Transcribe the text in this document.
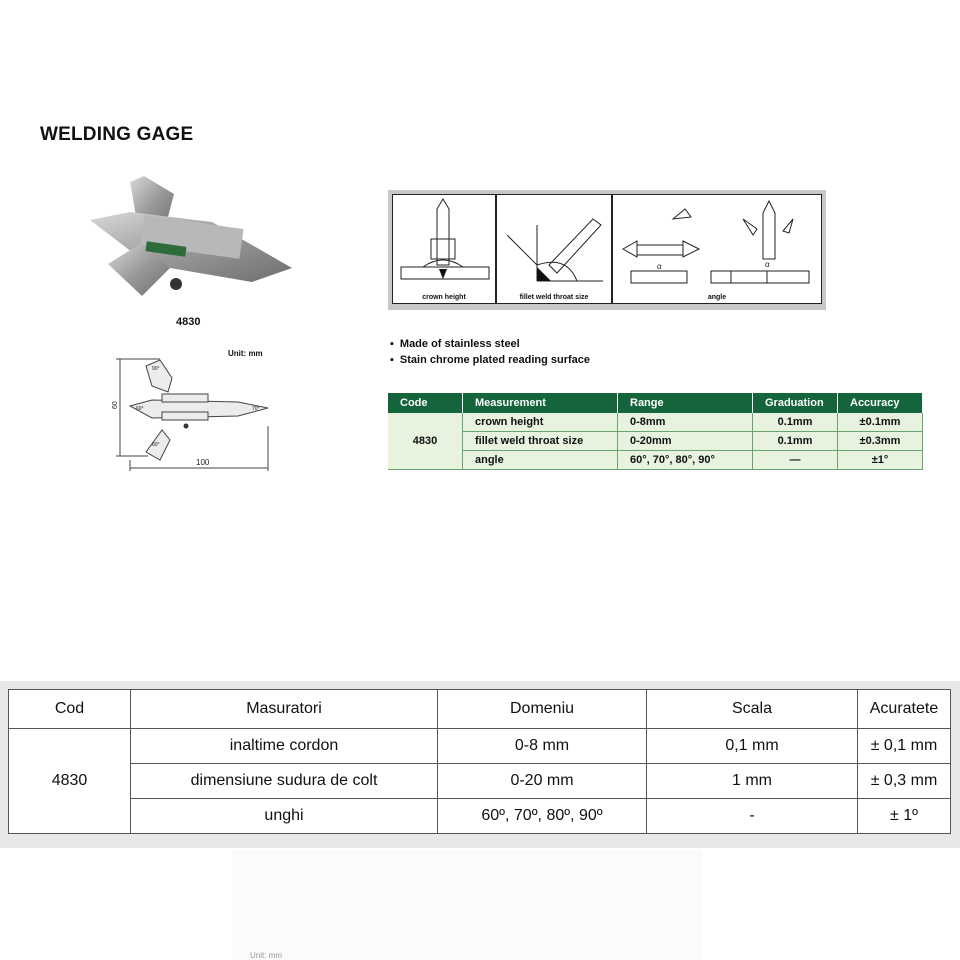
WELDING GAGE
4830
Unit: mm
60
100
90°
60°	70°
80°
crown height	fillet weld throat size
α	α
angle
▪ Made of stainless steel
▪ Stain chrome plated reading surface
Code	Measurement	Range	Graduation	Accuracy
4830	crown height	0-8mm	0.1mm	±0.1mm
	fillet weld throat size	0-20mm	0.1mm	±0.3mm
	angle	60°, 70°, 80°, 90°	—	±1°
Cod	Masuratori	Domeniu	Scala	Acuratete
4830	inaltime cordon	0-8 mm	0,1 mm	± 0,1 mm
	dimensiune sudura de colt	0-20 mm	1 mm	± 0,3 mm
	unghi	60º, 70º, 80º, 90º	-	± 1º
Unit: mm
